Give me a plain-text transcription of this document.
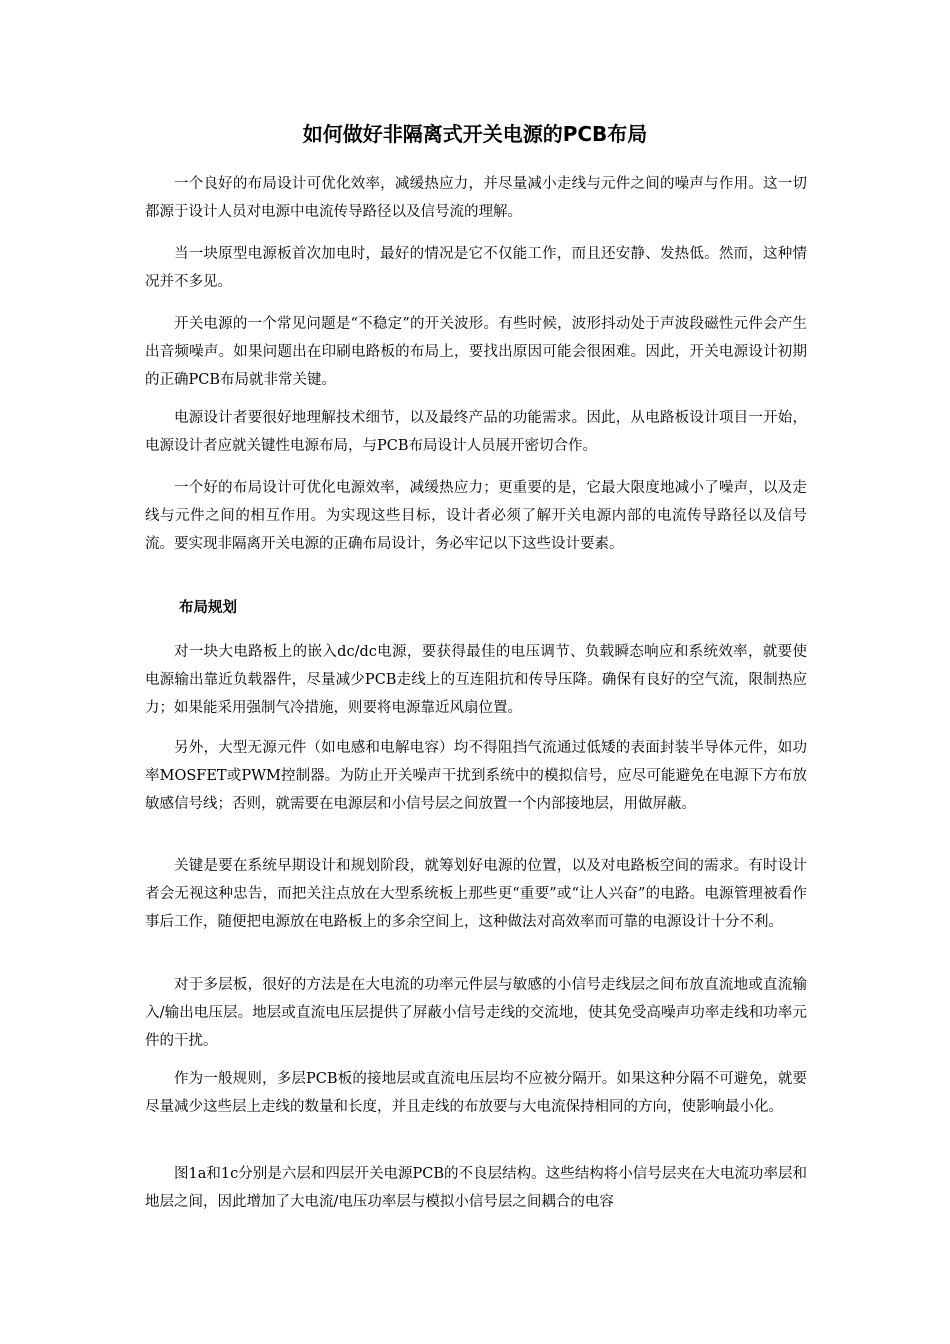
如何做好非隔离式开关电源的PCB布局

一个良好的布局设计可优化效率，减缓热应力，并尽量减小走线与元件之间的噪声与作用。这一切都源于设计人员对电源中电流传导路径以及信号流的理解。

当一块原型电源板首次加电时，最好的情况是它不仅能工作，而且还安静、发热低。然而，这种情况并不多见。

开关电源的一个常见问题是“不稳定”的开关波形。有些时候，波形抖动处于声波段磁性元件会产生出音频噪声。如果问题出在印刷电路板的布局上，要找出原因可能会很困难。因此，开关电源设计初期的正确PCB布局就非常关键。

电源设计者要很好地理解技术细节，以及最终产品的功能需求。因此，从电路板设计项目一开始，电源设计者应就关键性电源布局，与PCB布局设计人员展开密切合作。

一个好的布局设计可优化电源效率，减缓热应力；更重要的是，它最大限度地减小了噪声，以及走线与元件之间的相互作用。为实现这些目标，设计者必须了解开关电源内部的电流传导路径以及信号流。要实现非隔离开关电源的正确布局设计，务必牢记以下这些设计要素。

布局规划

对一块大电路板上的嵌入dc/dc电源，要获得最佳的电压调节、负载瞬态响应和系统效率，就要使电源输出靠近负载器件，尽量减少PCB走线上的互连阻抗和传导压降。确保有良好的空气流，限制热应力；如果能采用强制气冷措施，则要将电源靠近风扇位置。

另外，大型无源元件（如电感和电解电容）均不得阻挡气流通过低矮的表面封装半导体元件，如功率MOSFET或PWM控制器。为防止开关噪声干扰到系统中的模拟信号，应尽可能避免在电源下方布放敏感信号线；否则，就需要在电源层和小信号层之间放置一个内部接地层，用做屏蔽。

关键是要在系统早期设计和规划阶段，就筹划好电源的位置，以及对电路板空间的需求。有时设计者会无视这种忠告，而把关注点放在大型系统板上那些更“重要”或“让人兴奋”的电路。电源管理被看作事后工作，随便把电源放在电路板上的多余空间上，这种做法对高效率而可靠的电源设计十分不利。

对于多层板，很好的方法是在大电流的功率元件层与敏感的小信号走线层之间布放直流地或直流输入/输出电压层。地层或直流电压层提供了屏蔽小信号走线的交流地，使其免受高噪声功率走线和功率元件的干扰。

作为一般规则，多层PCB板的接地层或直流电压层均不应被分隔开。如果这种分隔不可避免，就要尽量减少这些层上走线的数量和长度，并且走线的布放要与大电流保持相同的方向，使影响最小化。

图1a和1c分别是六层和四层开关电源PCB的不良层结构。这些结构将小信号层夹在大电流功率层和地层之间，因此增加了大电流/电压功率层与模拟小信号层之间耦合的电容
